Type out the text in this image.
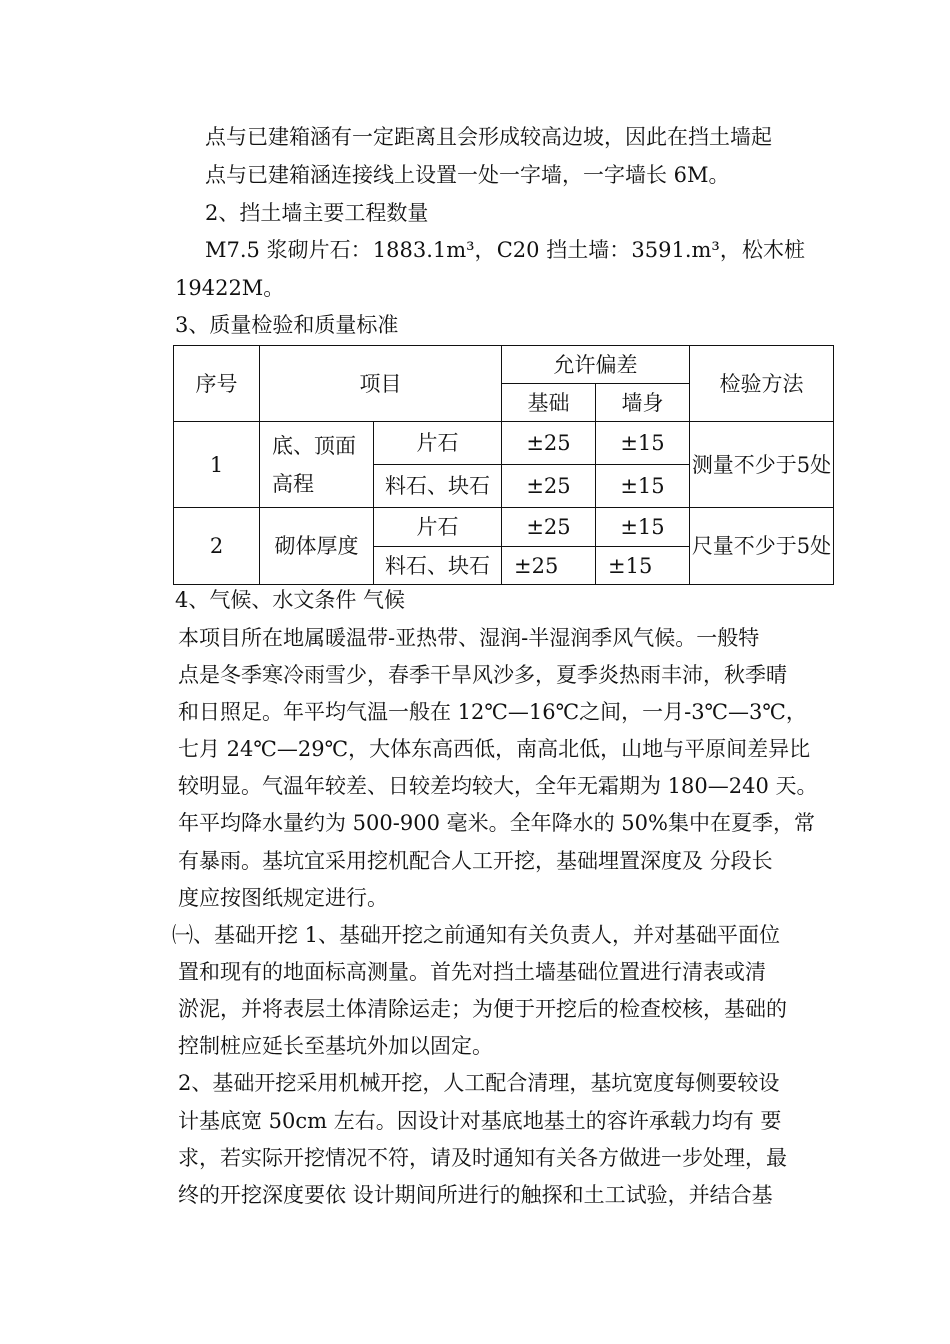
点与已建箱涵有一定距离且会形成较高边坡，因此在挡土墙起
点与已建箱涵连接线上设置一处一字墙，一字墙长 6M。
2、挡土墙主要工程数量
M7.5 浆砌片石： 1883.1m³， C20 挡土墙： 3591.m³， 松木桩
19422M。
3、质量检验和质量标准
序号	项目		允许偏差		检验方法
			基础	墙身	
1	底、顶面高程	片石	±25	±15	测量不少于5处
		料石、块石	±25	±15	
2	砌体厚度	片石	±25	±15	尺量不少于5处
		料石、块石	±25	±15	
4、气候、水文条件 气候
本项目所在地属暖温带-亚热带、湿润-半湿润季风气候。一般特
点是冬季寒冷雨雪少，春季干旱风沙多，夏季炎热雨丰沛，秋季晴
和日照足。年平均气温一般在 12℃—16℃之间，一月-3℃—3℃，
七月 24℃—29℃，大体东高西低，南高北低，山地与平原间差异比
较明显。气温年较差、日较差均较大，全年无霜期为 180—240 天。
年平均降水量约为 500-900 毫米。全年降水的 50%集中在夏季，常
有暴雨。基坑宜采用挖机配合人工开挖，基础埋置深度及 分段长
度应按图纸规定进行。
㈠、基础开挖 1、基础开挖之前通知有关负责人，并对基础平面位
置和现有的地面标高测量。首先对挡土墙基础位置进行清表或清
淤泥，并将表层土体清除运走；为便于开挖后的检查校核，基础的
控制桩应延长至基坑外加以固定。
2、基础开挖采用机械开挖，人工配合清理，基坑宽度每侧要较设
计基底宽 50cm 左右。因设计对基底地基土的容许承载力均有 要
求，若实际开挖情况不符，请及时通知有关各方做进一步处理，最
终的开挖深度要依 设计期间所进行的触探和土工试验，并结合基
